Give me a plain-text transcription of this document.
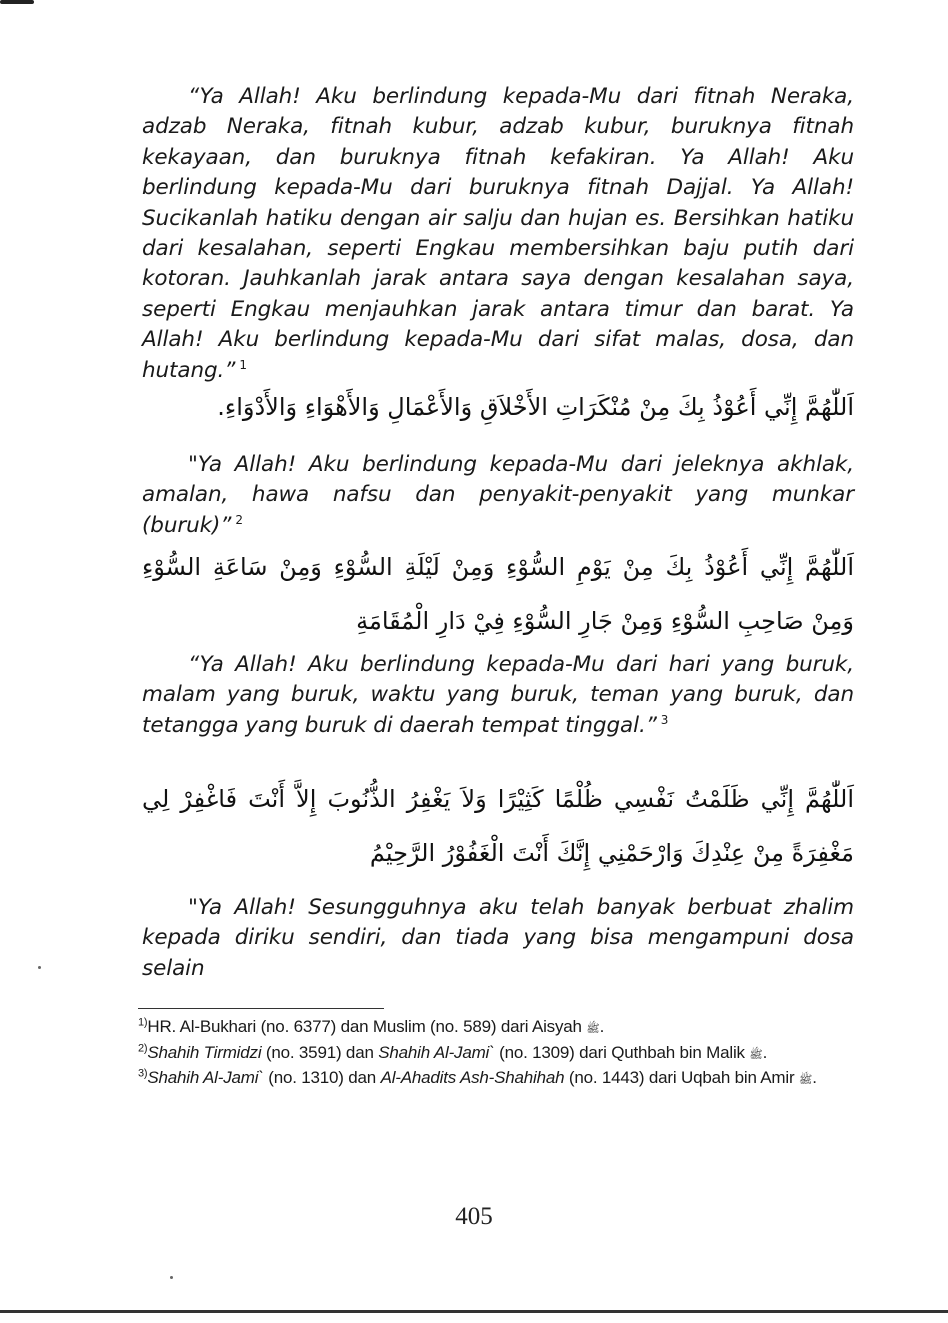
“Ya Allah! Aku berlindung kepada-Mu dari fitnah Neraka, adzab Neraka, fitnah kubur, adzab kubur, buruknya fitnah kekayaan, dan buruknya fitnah kefakiran. Ya Allah! Aku berlindung kepada-Mu dari buruknya fitnah Dajjal. Ya Allah! Sucikanlah hatiku dengan air salju dan hujan es. Bersihkan hatiku dari kesalahan, seperti Engkau membersihkan baju putih dari kotoran. Jauhkanlah jarak antara saya dengan kesalahan saya, seperti Engkau menjauhkan jarak antara timur dan barat. Ya Allah! Aku berlindung kepada-Mu dari sifat malas, dosa, dan hutang.” $^1$

اَللّٰهُمَّ إِنِّي أَعُوْذُ بِكَ مِنْ مُنْكَرَاتِ الأَخْلاَقِ وَالأَعْمَالِ وَالأَهْوَاءِ وَالأَدْوَاءِ.

"Ya Allah! Aku berlindung kepada-Mu dari jeleknya akhlak, amalan, hawa nafsu dan penyakit-penyakit yang munkar (buruk)” $^2$

اَللّٰهُمَّ إِنِّي أَعُوْذُ بِكَ مِنْ يَوْمِ السُّوْءِ وَمِنْ لَيْلَةِ السُّوْءِ وَمِنْ سَاعَةِ السُّوْءِ وَمِنْ صَاحِبِ السُّوْءِ وَمِنْ جَارِ السُّوْءِ فِيْ دَارِ الْمُقَامَةِ

“Ya Allah! Aku berlindung kepada-Mu dari hari yang buruk, malam yang buruk, waktu yang buruk, teman yang buruk, dan tetangga yang buruk di daerah tempat tinggal.” $^3$

اَللّٰهُمَّ إِنِّي ظَلَمْتُ نَفْسِي ظُلْمًا كَثِيْرًا وَلاَ يَغْفِرُ الذُّنُوبَ إِلاَّ أَنْتَ فَاغْفِرْ لِي مَغْفِرَةً مِنْ عِنْدِكَ وَارْحَمْنِي إِنَّكَ أَنْتَ الْغَفُوْرُ الرَّحِيْمُ

"Ya Allah! Sesungguhnya aku telah banyak berbuat zhalim kepada diriku sendiri, dan tiada yang bisa mengampuni dosa selain

$^{1)}$HR. Al-Bukhari (no. 6377) dan Muslim (no. 589) dari Aisyah ﷺ.

$^{2)}$Shahih Tirmidzi (no. 3591) dan Shahih Al-Jami` (no. 1309) dari Quthbah bin Malik ﷺ.

$^{3)}$Shahih Al-Jami` (no. 1310) dan Al-Ahadits Ash-Shahihah (no. 1443) dari Uqbah bin Amir ﷺ.

405
